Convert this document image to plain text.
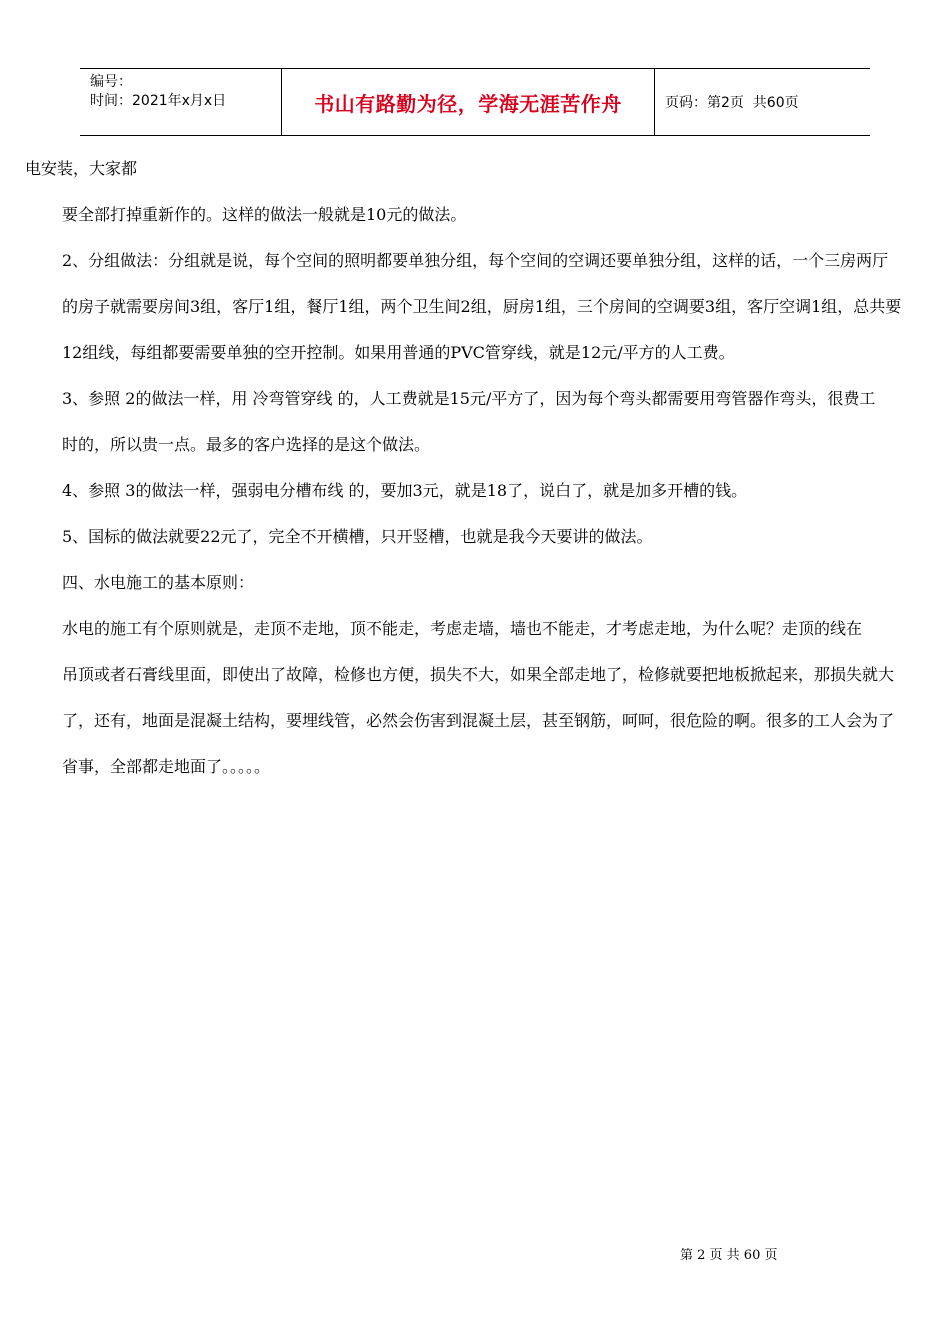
编号：
时间：2021年x月x日	书山有路勤为径，学海无涯苦作舟	页码：第2页  共60页

电安装，大家都

要全部打掉重新作的。这样的做法一般就是10元的做法。

2、分组做法：分组就是说，每个空间的照明都要单独分组，每个空间的空调还要单独分组，这样的话，一个三房两厅

的房子就需要房间3组，客厅1组，餐厅1组，两个卫生间2组，厨房1组，三个房间的空调要3组，客厅空调1组，总共要

12组线，每组都要需要单独的空开控制。如果用普通的PVC管穿线，就是12元/平方的人工费。

3、参照 2的做法一样，用 冷弯管穿线 的，人工费就是15元/平方了，因为每个弯头都需要用弯管器作弯头，很费工

时的，所以贵一点。最多的客户选择的是这个做法。

4、参照 3的做法一样，强弱电分槽布线 的，要加3元，就是18了，说白了，就是加多开槽的钱。

5、国标的做法就要22元了，完全不开横槽，只开竖槽，也就是我今天要讲的做法。

四、水电施工的基本原则：

水电的施工有个原则就是，走顶不走地，顶不能走，考虑走墙，墙也不能走，才考虑走地，为什么呢？走顶的线在

吊顶或者石膏线里面，即使出了故障，检修也方便，损失不大，如果全部走地了，检修就要把地板掀起来，那损失就大

了，还有，地面是混凝土结构，要埋线管，必然会伤害到混凝土层，甚至钢筋，呵呵，很危险的啊。很多的工人会为了

省事，全部都走地面了。。。。。

第 2 页 共 60 页
